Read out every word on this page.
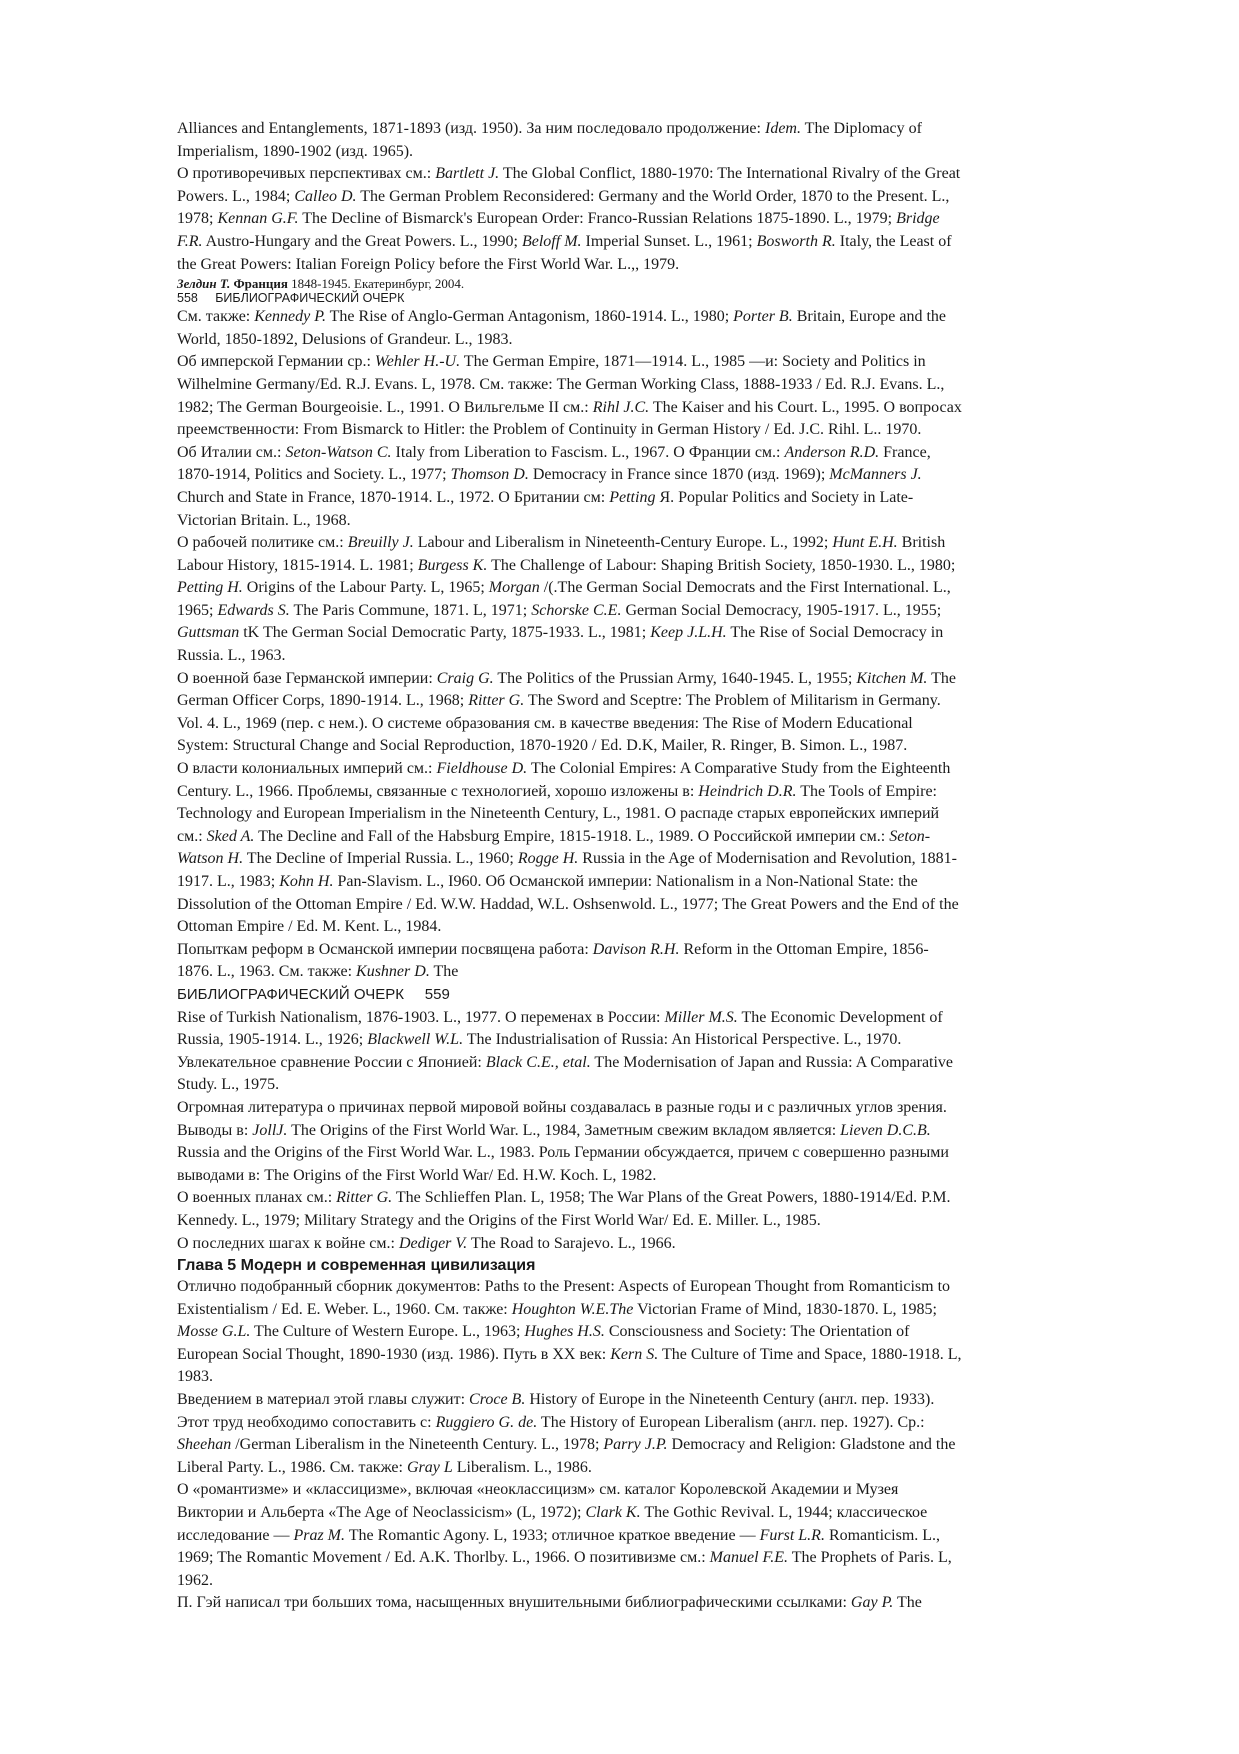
Alliances and Entanglements, 1871-1893 (изд. 1950). За ним последовало продолжение: Idem. The Diplomacy of
Imperialism, 1890-1902 (изд. 1965).
О противоречивых перспективах см.: Bartlett J. The Global Conflict, 1880-1970: The International Rivalry of the Great
Powers. L., 1984; Calleo D. The German Problem Reconsidered: Germany and the World Order, 1870 to the Present. L.,
1978; Kennan G.F. The Decline of Bismarck's European Order: Franco-Russian Relations 1875-1890. L., 1979; Bridge
F.R. Austro-Hungary and the Great Powers. L., 1990; Beloff M. Imperial Sunset. L., 1961; Bosworth R. Italy, the Least of
the Great Powers: Italian Foreign Policy before the First World War. L.,, 1979.
Зелдин Т. Франция 1848-1945. Екатеринбург, 2004.
558     БИБЛИОГРАФИЧЕСКИЙ ОЧЕРК
См. также: Kennedy P. The Rise of Anglo-German Antagonism, 1860-1914. L., 1980; Porter B. Britain, Europe and the
World, 1850-1892, Delusions of Grandeur. L., 1983.
Об имперской Германии ср.: Wehler H.-U. The German Empire, 1871—1914. L., 1985 —и: Society and Politics in
Wilhelmine Germany/Ed. R.J. Evans. L, 1978. См. также: The German Working Class, 1888-1933 / Ed. R.J. Evans. L.,
1982; The German Bourgeoisie. L., 1991. О Вильгельме II см.: Rihl J.C. The Kaiser and his Court. L., 1995. О вопросах
преемственности: From Bismarck to Hitler: the Problem of Continuity in German History / Ed. J.C. Rihl. L.. 1970.
Об Италии см.: Seton-Watson C. Italy from Liberation to Fascism. L., 1967. О Франции см.: Anderson R.D. France,
1870-1914, Politics and Society. L., 1977; Thomson D. Democracy in France since 1870 (изд. 1969); McManners J.
Church and State in France, 1870-1914. L., 1972. О Британии см: Petting Я. Popular Politics and Society in Late-
Victorian Britain. L., 1968.
О рабочей политике см.: Breuilly J. Labour and Liberalism in Nineteenth-Century Europe. L., 1992; Hunt E.H. British
Labour History, 1815-1914. L. 1981; Burgess K. The Challenge of Labour: Shaping British Society, 1850-1930. L., 1980;
Petting H. Origins of the Labour Party. L, 1965; Morgan /(.The German Social Democrats and the First International. L.,
1965; Edwards S. The Paris Commune, 1871. L, 1971; Schorske C.E. German Social Democracy, 1905-1917. L., 1955;
Guttsman tK The German Social Democratic Party, 1875-1933. L., 1981; Keep J.L.H. The Rise of Social Democracy in
Russia. L., 1963.
О военной базе Германской империи: Craig G. The Politics of the Prussian Army, 1640-1945. L, 1955; Kitchen M. The
German Officer Corps, 1890-1914. L., 1968; Ritter G. The Sword and Sceptre: The Problem of Militarism in Germany.
Vol. 4. L., 1969 (пер. с нем.). О системе образования см. в качестве введения: The Rise of Modern Educational
System: Structural Change and Social Reproduction, 1870-1920 / Ed. D.K, Mailer, R. Ringer, B. Simon. L., 1987.
О власти колониальных империй см.: Fieldhouse D. The Colonial Empires: A Comparative Study from the Eighteenth
Century. L., 1966. Проблемы, связанные с технологией, хорошо изложены в: Heindrich D.R. The Tools of Empire:
Technology and European Imperialism in the Nineteenth Century, L., 1981. О распаде старых европейских империй
см.: Sked A. The Decline and Fall of the Habsburg Empire, 1815-1918. L., 1989. О Российской империи см.: Seton-
Watson H. The Decline of Imperial Russia. L., 1960; Rogge H. Russia in the Age of Modernisation and Revolution, 1881-
1917. L., 1983; Kohn H. Pan-Slavism. L., I960. Об Османской империи: Nationalism in a Non-National State: the
Dissolution of the Ottoman Empire / Ed. W.W. Haddad, W.L. Oshsenwold. L., 1977; The Great Powers and the End of the
Ottoman Empire / Ed. M. Kent. L., 1984.
Попыткам реформ в Османской империи посвящена работа: Davison R.H. Reform in the Ottoman Empire, 1856-
1876. L., 1963. См. также: Kushner D. The
БИБЛИОГРАФИЧЕСКИЙ ОЧЕРК     559
Rise of Turkish Nationalism, 1876-1903. L., 1977. О переменах в России: Miller M.S. The Economic Development of
Russia, 1905-1914. L., 1926; Blackwell W.L. The Industrialisation of Russia: An Historical Perspective. L., 1970.
Увлекательное сравнение России с Японией: Black C.E., etal. The Modernisation of Japan and Russia: A Comparative
Study. L., 1975.
Огромная литература о причинах первой мировой войны создавалась в разные годы и с различных углов зрения.
Выводы в: JollJ. The Origins of the First World War. L., 1984, Заметным свежим вкладом является: Lieven D.C.B.
Russia and the Origins of the First World War. L., 1983. Роль Германии обсуждается, причем с совершенно разными
выводами в: The Origins of the First World War/ Ed. H.W. Koch. L, 1982.
О военных планах см.: Ritter G. The Schlieffen Plan. L, 1958; The War Plans of the Great Powers, 1880-1914/Ed. P.M.
Kennedy. L., 1979; Military Strategy and the Origins of the First World War/ Ed. E. Miller. L., 1985.
О последних шагах к войне см.: Dediger V. The Road to Sarajevo. L., 1966.
Глава 5 Модерн и современная цивилизация
Отлично подобранный сборник документов: Paths to the Present: Aspects of European Thought from Romanticism to
Existentialism / Ed. E. Weber. L., 1960. См. также: Houghton W.E.The Victorian Frame of Mind, 1830-1870. L, 1985;
Mosse G.L. The Culture of Western Europe. L., 1963; Hughes H.S. Consciousness and Society: The Orientation of
European Social Thought, 1890-1930 (изд. 1986). Путь в XX век: Kern S. The Culture of Time and Space, 1880-1918. L,
1983.
Введением в материал этой главы служит: Croce B. History of Europe in the Nineteenth Century (англ. пер. 1933).
Этот труд необходимо сопоставить с: Ruggiero G. de. The History of European Liberalism (англ. пер. 1927). Ср.:
Sheehan /German Liberalism in the Nineteenth Century. L., 1978; Parry J.P. Democracy and Religion: Gladstone and the
Liberal Party. L., 1986. См. также: Gray L Liberalism. L., 1986.
О «романтизме» и «классицизме», включая «неоклассицизм» см. каталог Королевской Академии и Музея
Виктории и Альберта «The Age of Neoclassicism» (L, 1972); Clark K. The Gothic Revival. L, 1944; классическое
исследование — Praz M. The Romantic Agony. L, 1933; отличное краткое введение — Furst L.R. Romanticism. L.,
1969; The Romantic Movement / Ed. A.K. Thorlby. L., 1966. О позитивизме см.: Manuel F.E. The Prophets of Paris. L,
1962.
П. Гэй написал три больших тома, насыщенных внушительными библиографическими ссылками: Gay P. The
